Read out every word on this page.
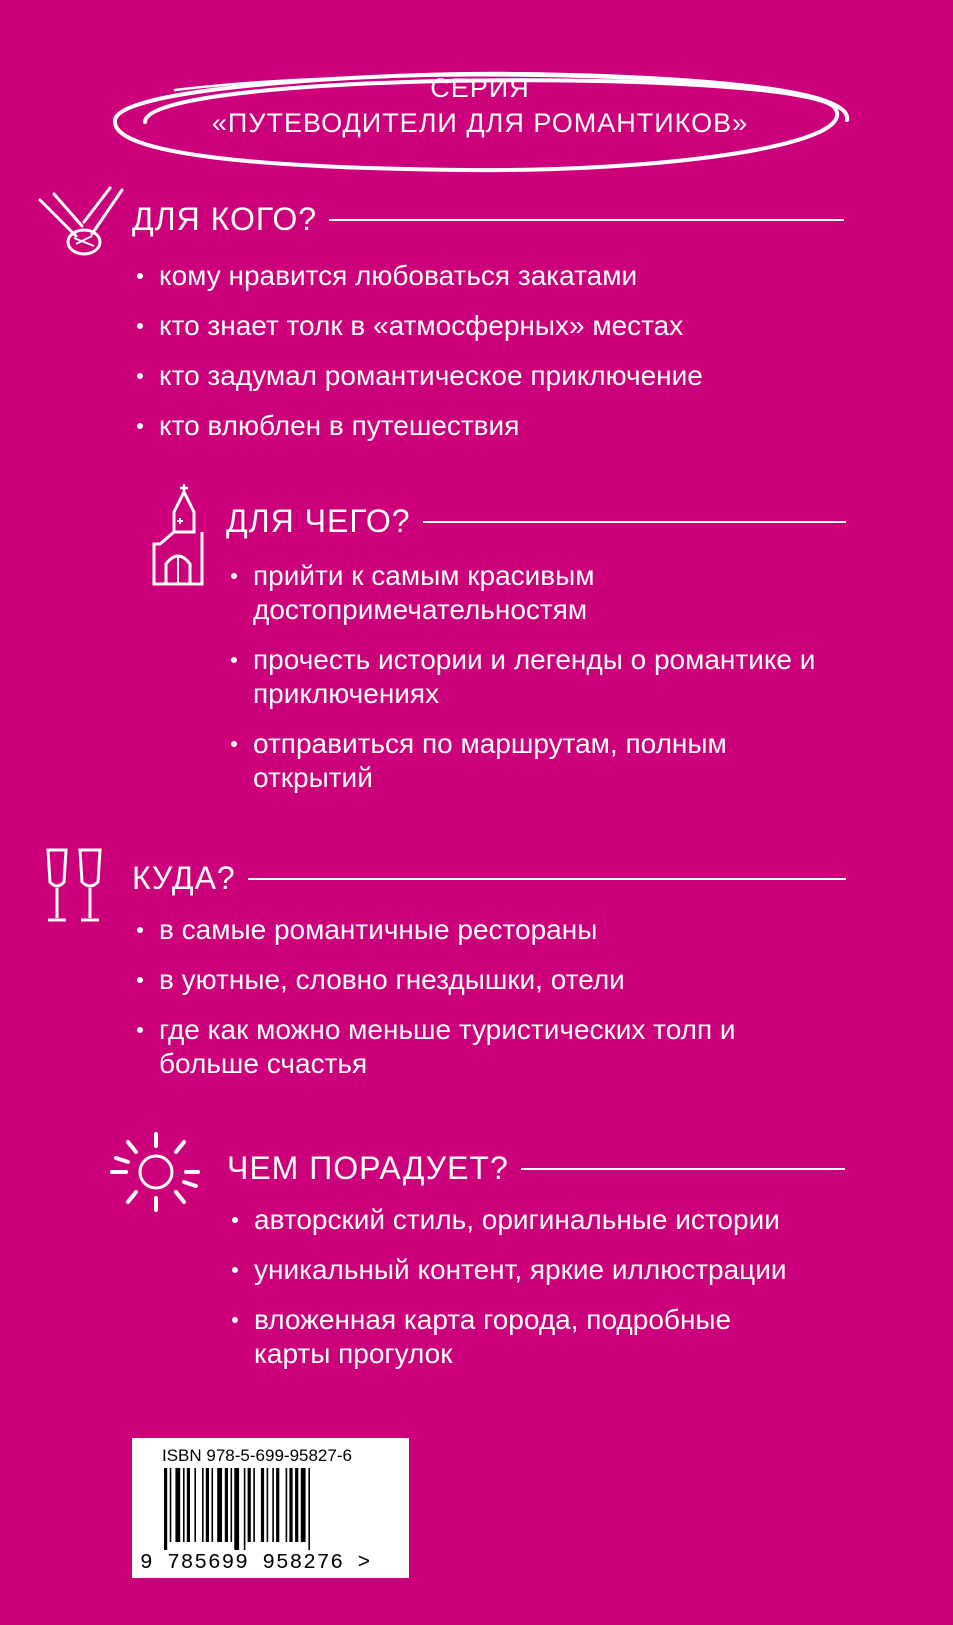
СЕРИЯ
«ПУТЕВОДИТЕЛИ ДЛЯ РОМАНТИКОВ»
ДЛЯ КОГО?
кому нравится любоваться закатами
кто знает толк в «атмосферных» местах
кто задумал романтическое приключение
кто влюблен в путешествия
ДЛЯ ЧЕГО?
прийти к самым красивым достопримечательностям
прочесть истории и легенды о романтике и приключениях
отправиться по маршрутам, полным открытий
КУДА?
в самые романтичные рестораны
в уютные, словно гнездышки, отели
где как можно меньше туристических толп и больше счастья
ЧЕМ ПОРАДУЕТ?
авторский стиль, оригинальные истории
уникальный контент, яркие иллюстрации
вложенная карта города, подробные карты прогулок
ISBN 978-5-699-95827-6
9 785699 958276 >
